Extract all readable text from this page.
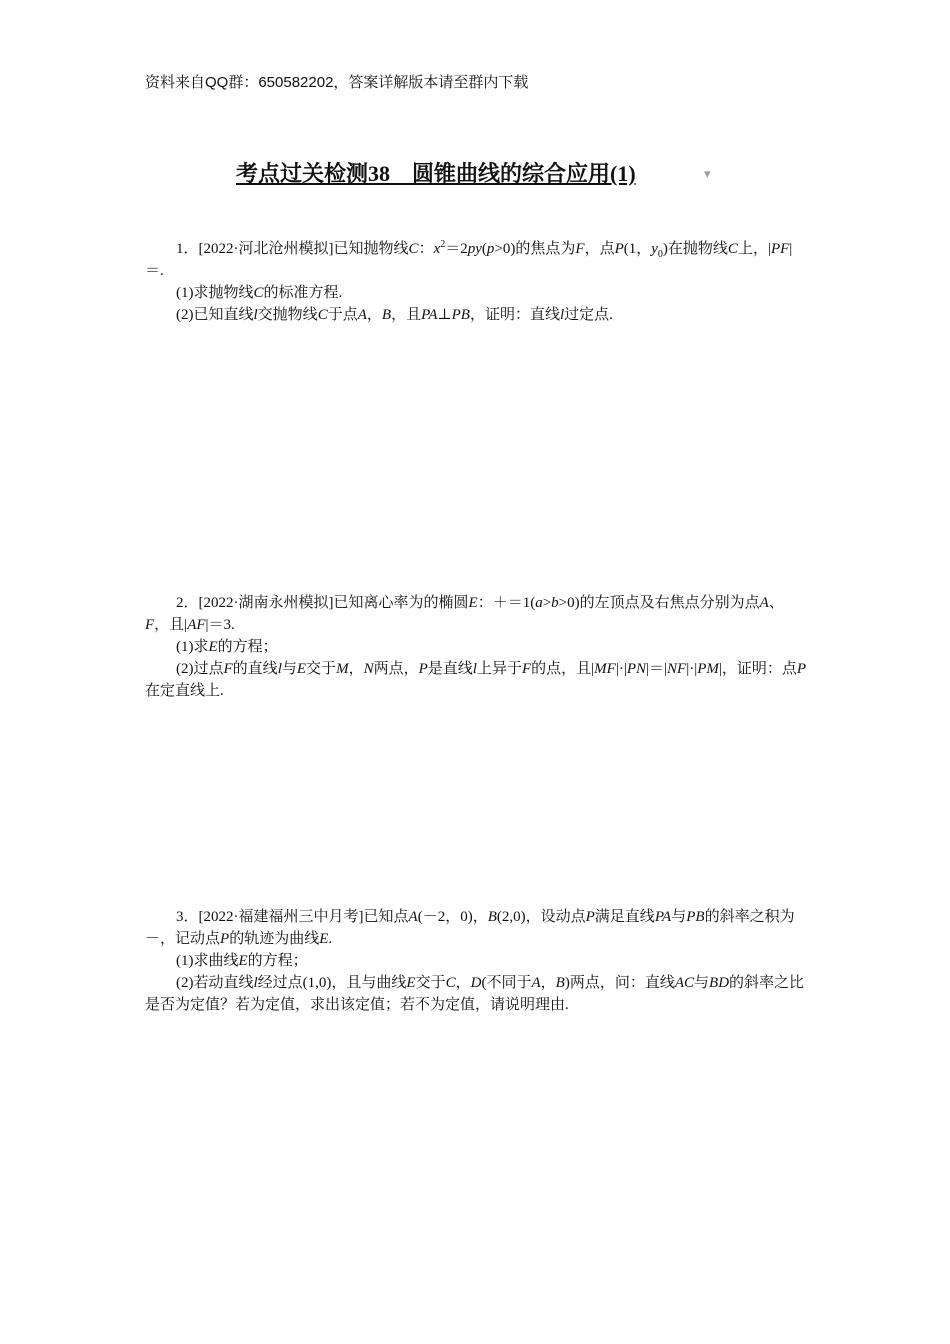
资料来自QQ群：650582202，答案详解版本请至群内下载
考点过关检测38　圆锥曲线的综合应用(1)	▾

1．[2022·河北沧州模拟]已知抛物线C：$x^2=2py(p>0)$的焦点为F，点P(1，$y_0$)在抛物线C上，|PF|＝.

(1)求抛物线C的标准方程.

(2)已知直线l交抛物线C于点A，B，且PA⊥PB，证明：直线l过定点.

2．[2022·湖南永州模拟]已知离心率为的椭圆E：＋＝1(a>b>0)的左顶点及右焦点分别为点A、F，且|AF|＝3.

(1)求E的方程；

(2)过点F的直线l与E交于M，N两点，P是直线l上异于F的点，且|MF|·|PN|＝|NF|·|PM|，证明：点P在定直线上.

3．[2022·福建福州三中月考]已知点A(－2，0)，B(2,0)，设动点P满足直线PA与PB的斜率之积为－，记动点P的轨迹为曲线E.

(1)求曲线E的方程；

(2)若动直线l经过点(1,0)，且与曲线E交于C，D(不同于A，B)两点，问：直线AC与BD的斜率之比是否为定值？若为定值，求出该定值；若不为定值，请说明理由.
